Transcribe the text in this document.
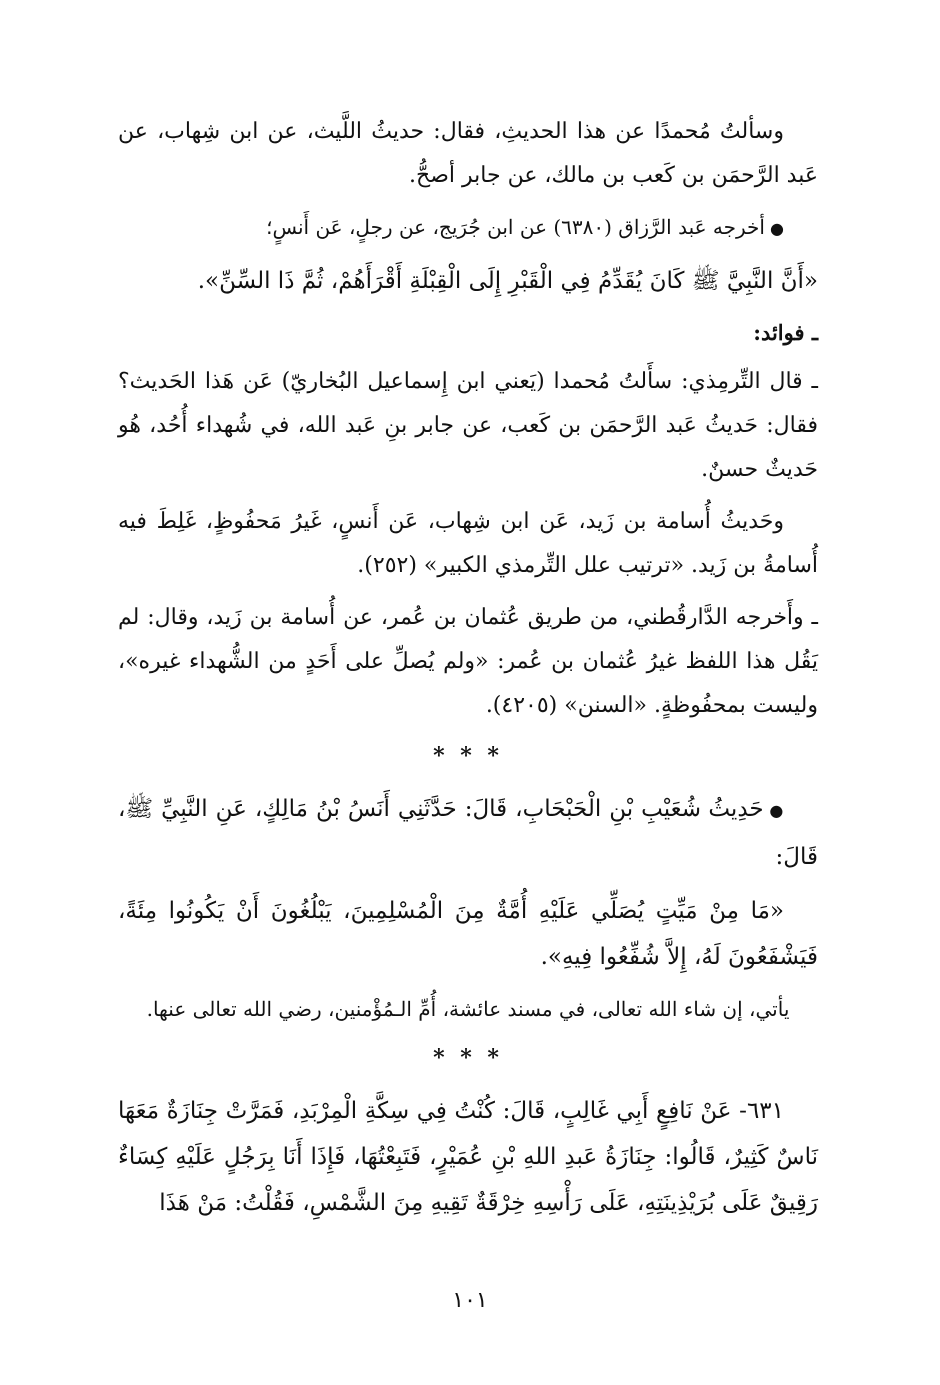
وسألتُ مُحمدًا عن هذا الحديثِ، فقال: حديثُ اللَّيث، عن ابن شِهاب، عن عَبد الرَّحمَن بن كَعب بن مالك، عن جابر أصحُّ.

● أخرجه عَبد الرَّزاق (٦٣٨٠) عن ابن جُرَيج، عن رجلٍ، عَن أَنسٍ؛

«أَنَّ النَّبِيَّ ﷺ كَانَ يُقَدِّمُ فِي الْقَبْرِ إِلَى الْقِبْلَةِ أَقْرَأَهُمْ، ثُمَّ ذَا السِّنِّ».

ـ فوائد:

ـ قال التِّرمِذي: سأَلتُ مُحمدا (يَعني ابن إِسماعيل البُخاريّ) عَن هَذا الحَديث؟ فقال: حَديثُ عَبد الرَّحمَن بن كَعب، عن جابر بنِ عَبد الله، في شُهداء أُحُد، هُو حَديثٌ حسنٌ.

وحَديثُ أُسامة بن زَيد، عَن ابن شِهاب، عَن أَنسٍ، غَيرُ مَحفُوظٍ، غَلِطَ فيه أُسامةُ بن زَيد. «ترتيب علل التِّرمذي الكبير» (٢٥٢).

ـ وأَخرجه الدَّارقُطني، من طريق عُثمان بن عُمر، عن أُسامة بن زَيد، وقال: لم يَقُل هذا اللفظ غيرُ عُثمان بن عُمر: «ولم يُصلِّ على أَحَدٍ من الشُّهداء غيره»، وليست بمحفُوظةٍ. «السنن» (٤٢٠٥).

* * *

● حَدِيثُ شُعَيْبِ بْنِ الْحَبْحَابِ، قَالَ: حَدَّثَنِي أَنَسُ بْنُ مَالِكٍ، عَنِ النَّبِيِّ ﷺ، قَالَ:

«مَا مِنْ مَيِّتٍ يُصَلِّي عَلَيْهِ أُمَّةٌ مِنَ الْمُسْلِمِينَ، يَبْلُغُونَ أَنْ يَكُونُوا مِئَةً، فَيَشْفَعُونَ لَهُ، إِلاَّ شُفِّعُوا فِيهِ».

يأتي، إن شاء الله تعالى، في مسند عائشة، أُمِّ الـمُؤْمنين، رضي الله تعالى عنها.

* * *

٦٣١- عَنْ نَافِعٍ أَبِي غَالِبٍ، قَالَ: كُنْتُ فِي سِكَّةِ الْمِرْبَدِ، فَمَرَّتْ جِنَازَةٌ مَعَهَا نَاسٌ كَثِيرٌ، قَالُوا: جِنَازَةُ عَبدِ اللهِ بْنِ عُمَيْرٍ، فَتَبِعْتُهَا، فَإِذَا أَنَا بِرَجُلٍ عَلَيْهِ كِسَاءٌ رَقِيقٌ عَلَى بُرَيْذِينَتِهِ، عَلَى رَأْسِهِ خِرْقَةٌ تَقِيهِ مِنَ الشَّمْسِ، فَقُلْتُ: مَنْ هَذَا

١٠١
